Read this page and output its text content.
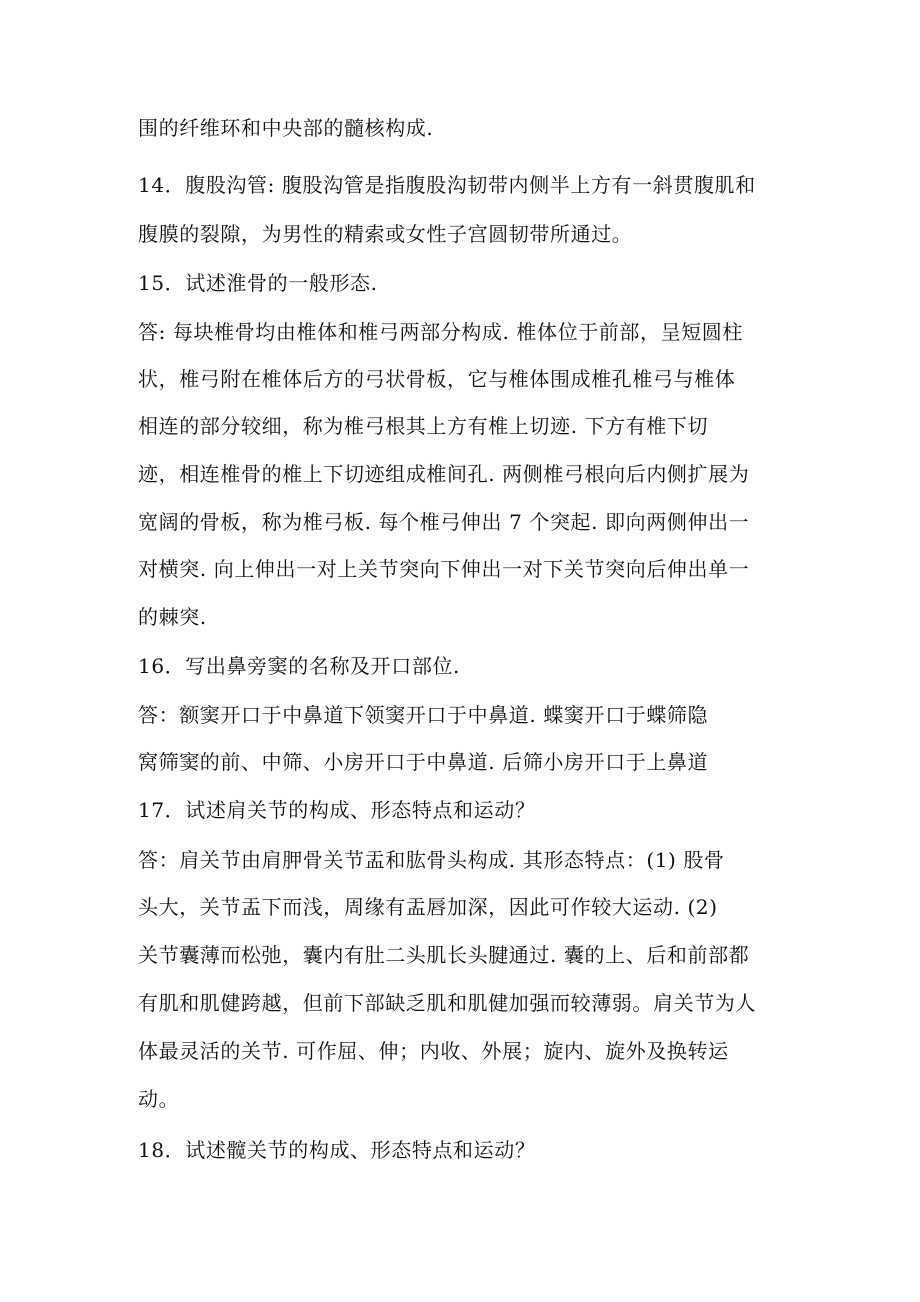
围的纤维环和中央部的髓核构成.
14．腹股沟管: 腹股沟管是指腹股沟韧带内侧半上方有一斜贯腹肌和
腹膜的裂隙，为男性的精索或女性子宫圆韧带所通过。
15．试述淮骨的一般形态.
答: 每块椎骨均由椎体和椎弓两部分构成. 椎体位于前部，呈短圆柱
状，椎弓附在椎体后方的弓状骨板，它与椎体围成椎孔椎弓与椎体
相连的部分较细，称为椎弓根其上方有椎上切迹. 下方有椎下切
迹，相连椎骨的椎上下切迹组成椎间孔. 两侧椎弓根向后内侧扩展为
宽阔的骨板，称为椎弓板. 每个椎弓伸出 7 个突起. 即向两侧伸出一
对横突. 向上伸出一对上关节突向下伸出一对下关节突向后伸出单一
的棘突.
16．写出鼻旁窦的名称及开口部位.
答：额窦开口于中鼻道下领窦开口于中鼻道. 蝶窦开口于蝶筛隐
窝筛窦的前、中筛、小房开口于中鼻道. 后筛小房开口于上鼻道
17．试述肩关节的构成、形态特点和运动？
答：肩关节由肩胛骨关节盂和肱骨头构成. 其形态特点：(1) 股骨
头大，关节盂下而浅，周缘有盂唇加深，因此可作较大运动. (2)
关节囊薄而松弛，囊内有肚二头肌长头腱通过. 囊的上、后和前部都
有肌和肌健跨越，但前下部缺乏肌和肌健加强而较薄弱。肩关节为人
体最灵活的关节. 可作屈、伸；内收、外展；旋内、旋外及换转运
动。
18．试述髋关节的构成、形态特点和运动？
